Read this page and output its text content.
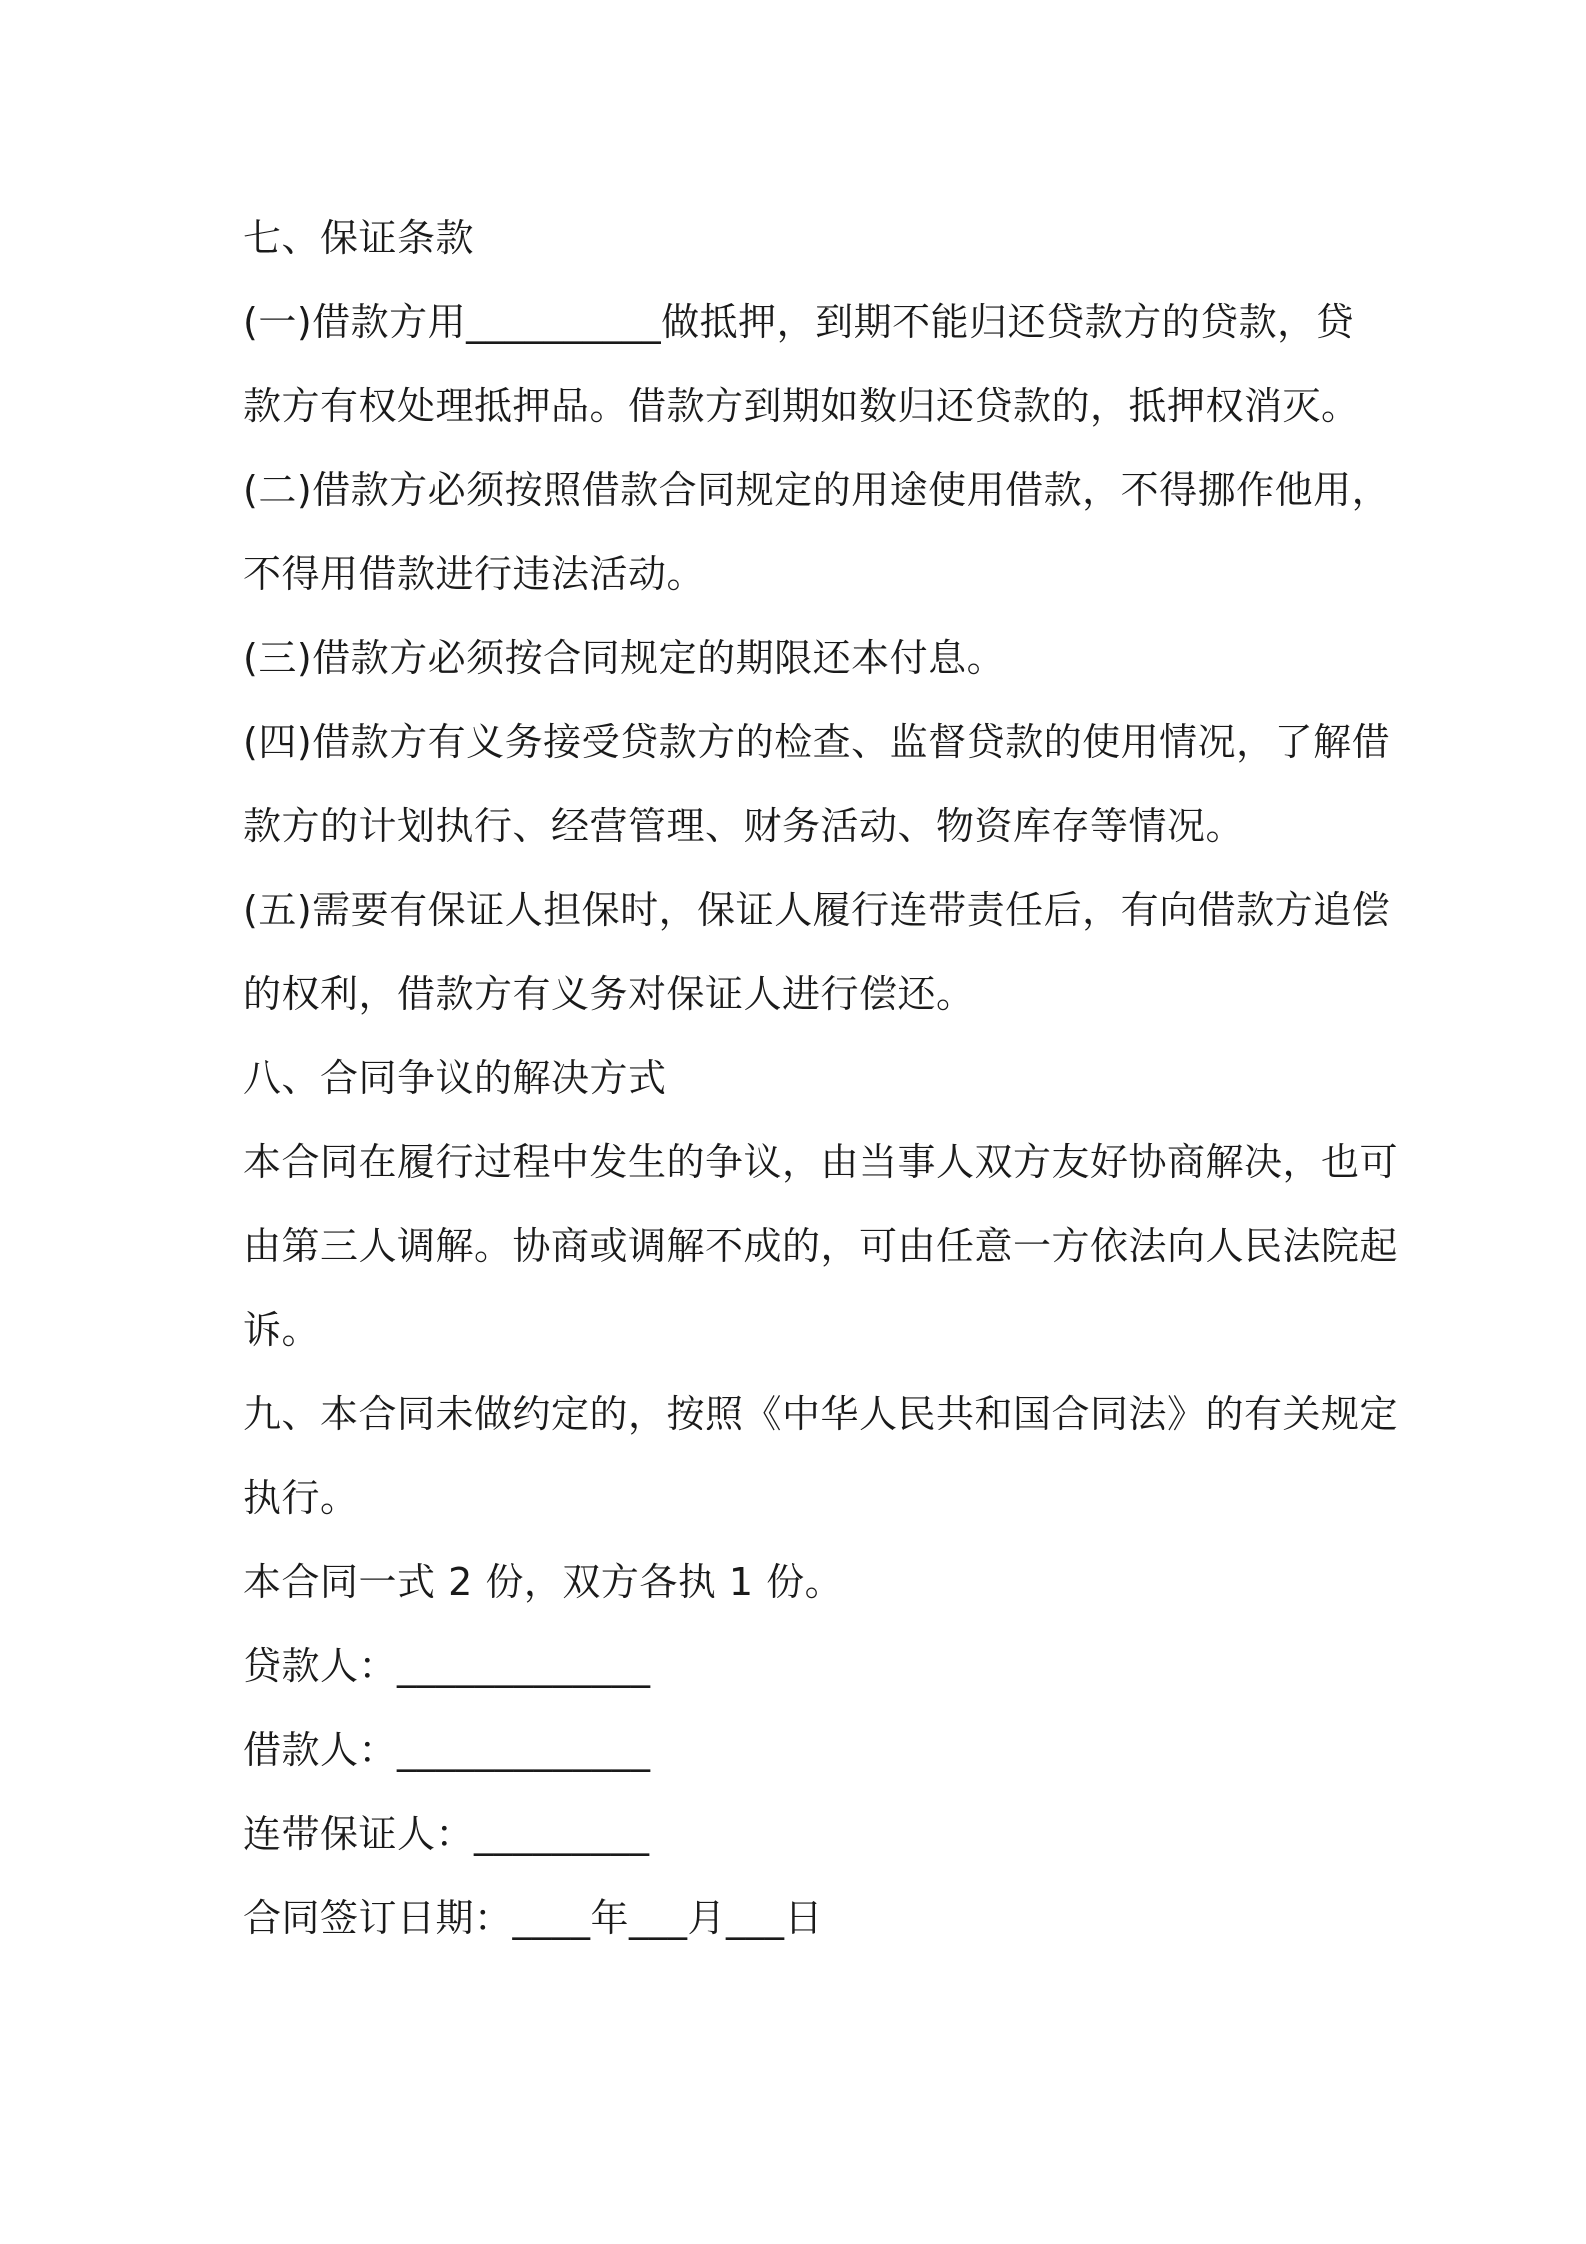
七、保证条款
(一)借款方用__________做抵押，到期不能归还贷款方的贷款，贷
款方有权处理抵押品。借款方到期如数归还贷款的，抵押权消灭。
(二)借款方必须按照借款合同规定的用途使用借款，不得挪作他用，
不得用借款进行违法活动。
(三)借款方必须按合同规定的期限还本付息。
(四)借款方有义务接受贷款方的检查、监督贷款的使用情况，了解借
款方的计划执行、经营管理、财务活动、物资库存等情况。
(五)需要有保证人担保时，保证人履行连带责任后，有向借款方追偿
的权利，借款方有义务对保证人进行偿还。
八、合同争议的解决方式
本合同在履行过程中发生的争议，由当事人双方友好协商解决，也可
由第三人调解。协商或调解不成的，可由任意一方依法向人民法院起
诉。
九、本合同未做约定的，按照《中华人民共和国合同法》的有关规定
执行。
本合同一式 2 份，双方各执 1 份。
贷款人：_____________
借款人：_____________
连带保证人：_________
合同签订日期：____年___月___日
